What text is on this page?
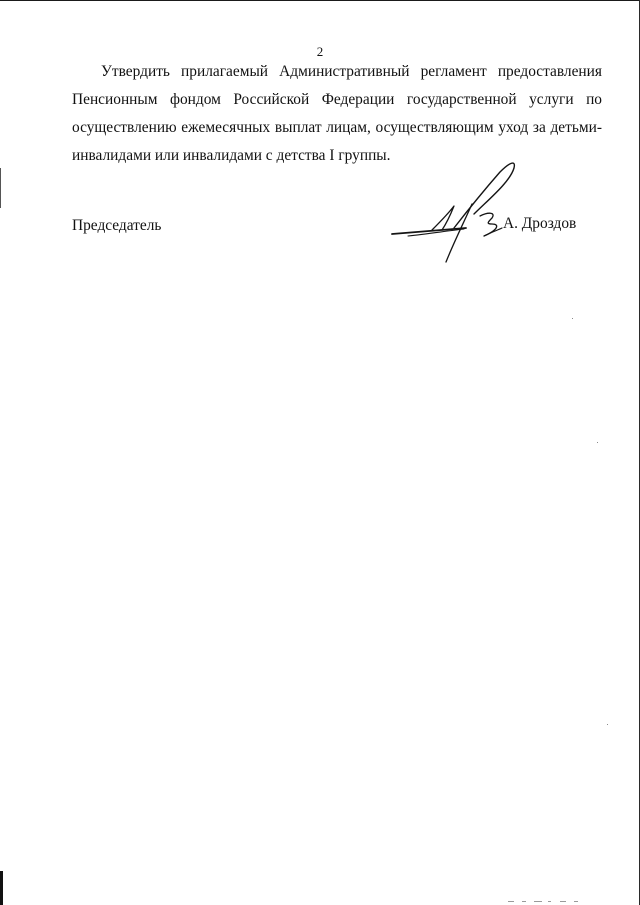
2

Утвердить прилагаемый Административный регламент предоставления Пенсионным фондом Российской Федерации государственной услуги по осуществлению ежемесячных выплат лицам, осуществляющим уход за детьми-инвалидами или инвалидами с детства I группы.

Председатель	А. Дроздов
